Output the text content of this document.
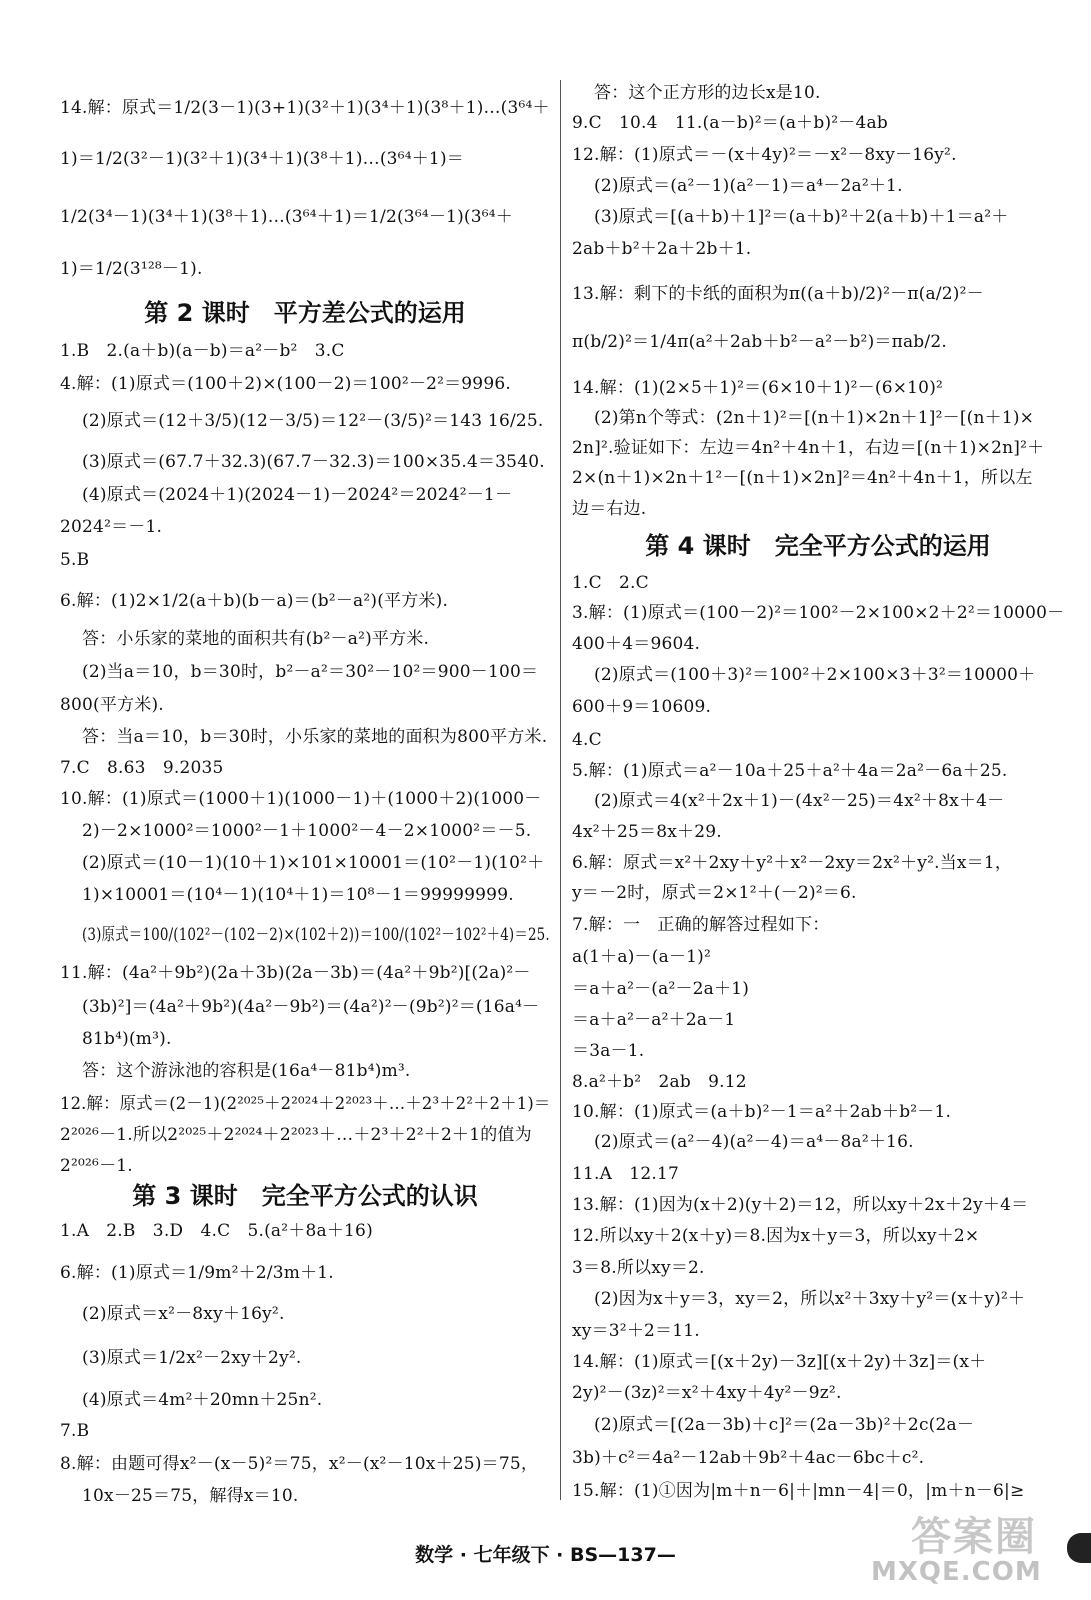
14.解：原式＝1/2(3－1)(3+1)(3²＋1)(3⁴＋1)(3⁸＋1)…(3⁶⁴＋
1)＝1/2(3²－1)(3²＋1)(3⁴＋1)(3⁸＋1)…(3⁶⁴＋1)＝
1/2(3⁴－1)(3⁴＋1)(3⁸＋1)…(3⁶⁴＋1)＝1/2(3⁶⁴－1)(3⁶⁴＋
1)＝1/2(3¹²⁸－1).
第 2 课时　平方差公式的运用
1.B　2.(a＋b)(a－b)＝a²－b²　3.C
4.解：(1)原式＝(100＋2)×(100－2)＝100²－2²＝9996.
(2)原式＝(12＋3/5)(12－3/5)＝12²－(3/5)²＝143 16/25.
(3)原式＝(67.7＋32.3)(67.7－32.3)＝100×35.4＝3540.
(4)原式＝(2024＋1)(2024－1)－2024²＝2024²－1－
2024²＝－1.
5.B
6.解：(1)2×1/2(a＋b)(b－a)＝(b²－a²)(平方米).
答：小乐家的菜地的面积共有(b²－a²)平方米.
(2)当a＝10，b＝30时，b²－a²＝30²－10²＝900－100＝
800(平方米).
答：当a＝10，b＝30时，小乐家的菜地的面积为800平方米.
7.C　8.63　9.2035
10.解：(1)原式＝(1000＋1)(1000－1)＋(1000＋2)(1000－
2)－2×1000²＝1000²－1＋1000²－4－2×1000²＝－5.
(2)原式＝(10－1)(10＋1)×101×10001＝(10²－1)(10²＋
1)×10001＝(10⁴－1)(10⁴＋1)＝10⁸－1＝99999999.
(3)原式＝100/(102²－(102－2)×(102＋2))＝100/(102²－102²＋4)＝25.
11.解：(4a²＋9b²)(2a＋3b)(2a－3b)＝(4a²＋9b²)[(2a)²－
(3b)²]＝(4a²＋9b²)(4a²－9b²)＝(4a²)²－(9b²)²＝(16a⁴－
81b⁴)(m³).
答：这个游泳池的容积是(16a⁴－81b⁴)m³.
12.解：原式＝(2－1)(2²⁰²⁵＋2²⁰²⁴＋2²⁰²³＋…＋2³＋2²＋2＋1)＝
2²⁰²⁶－1.所以2²⁰²⁵＋2²⁰²⁴＋2²⁰²³＋…＋2³＋2²＋2＋1的值为
2²⁰²⁶－1.
第 3 课时　完全平方公式的认识
1.A　2.B　3.D　4.C　5.(a²＋8a＋16)
6.解：(1)原式＝1/9m²＋2/3m＋1.
(2)原式＝x²－8xy＋16y².
(3)原式＝1/2x²－2xy＋2y².
(4)原式＝4m²＋20mn＋25n².
7.B
8.解：由题可得x²－(x－5)²＝75，x²－(x²－10x＋25)＝75，
10x－25＝75，解得x＝10.
答：这个正方形的边长x是10.
9.C　10.4　11.(a－b)²＝(a＋b)²－4ab
12.解：(1)原式＝－(x＋4y)²＝－x²－8xy－16y².
(2)原式＝(a²－1)(a²－1)＝a⁴－2a²＋1.
(3)原式＝[(a＋b)＋1]²＝(a＋b)²＋2(a＋b)＋1＝a²＋
2ab＋b²＋2a＋2b＋1.
13.解：剩下的卡纸的面积为π((a＋b)/2)²－π(a/2)²－
π(b/2)²＝1/4π(a²＋2ab＋b²－a²－b²)＝πab/2.
14.解：(1)(2×5＋1)²＝(6×10＋1)²－(6×10)²
(2)第n个等式：(2n＋1)²＝[(n＋1)×2n＋1]²－[(n＋1)×
2n]².验证如下：左边＝4n²＋4n＋1，右边＝[(n＋1)×2n]²＋
2×(n＋1)×2n＋1²－[(n＋1)×2n]²＝4n²＋4n＋1，所以左
边＝右边.
第 4 课时　完全平方公式的运用
1.C　2.C
3.解：(1)原式＝(100－2)²＝100²－2×100×2＋2²＝10000－
400＋4＝9604.
(2)原式＝(100＋3)²＝100²＋2×100×3＋3²＝10000＋
600＋9＝10609.
4.C
5.解：(1)原式＝a²－10a＋25＋a²＋4a＝2a²－6a＋25.
(2)原式＝4(x²＋2x＋1)－(4x²－25)＝4x²＋8x＋4－
4x²＋25＝8x＋29.
6.解：原式＝x²＋2xy＋y²＋x²－2xy＝2x²＋y².当x＝1，
y＝－2时，原式＝2×1²＋(－2)²＝6.
7.解：一　正确的解答过程如下：
a(1＋a)－(a－1)²
＝a＋a²－(a²－2a＋1)
＝a＋a²－a²＋2a－1
＝3a－1.
8.a²＋b²　2ab　9.12
10.解：(1)原式＝(a＋b)²－1＝a²＋2ab＋b²－1.
(2)原式＝(a²－4)(a²－4)＝a⁴－8a²＋16.
11.A　12.17
13.解：(1)因为(x＋2)(y＋2)＝12，所以xy＋2x＋2y＋4＝
12.所以xy＋2(x＋y)＝8.因为x＋y＝3，所以xy＋2×
3＝8.所以xy＝2.
(2)因为x＋y＝3，xy＝2，所以x²＋3xy＋y²＝(x＋y)²＋
xy＝3²＋2＝11.
14.解：(1)原式＝[(x＋2y)－3z][(x＋2y)＋3z]＝(x＋
2y)²－(3z)²＝x²＋4xy＋4y²－9z².
(2)原式＝[(2a－3b)＋c]²＝(2a－3b)²＋2c(2a－
3b)＋c²＝4a²－12ab＋9b²＋4ac－6bc＋c².
15.解：(1)①因为|m＋n－6|＋|mn－4|＝0，|m＋n－6|≥
数学 · 七年级下 · BS—137—	答案圈
MXQE.COM
